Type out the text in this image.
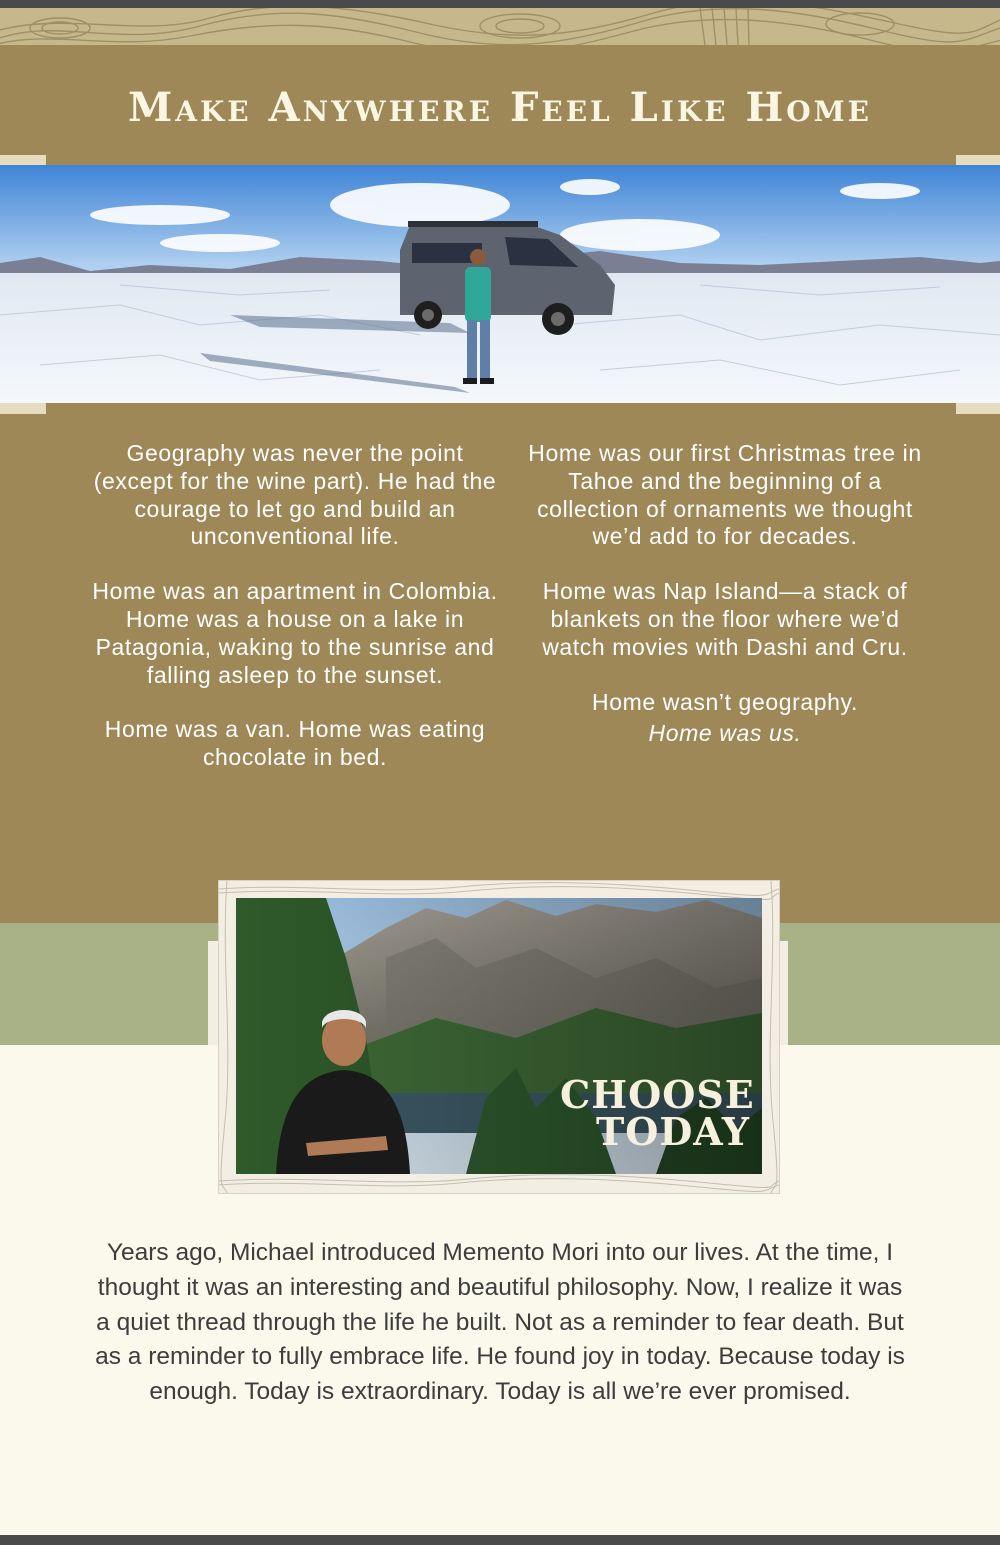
Make Anywhere Feel Like Home

Geography was never the point (except for the wine part). He had the courage to let go and build an unconventional life.

Home was an apartment in Colombia. Home was a house on a lake in Patagonia, waking to the sunrise and falling asleep to the sunset.

Home was a van. Home was eating chocolate in bed.

Home was our first Christmas tree in Tahoe and the beginning of a collection of ornaments we thought we’d add to for decades.

Home was Nap Island—a stack of blankets on the floor where we’d watch movies with Dashi and Cru.

Home wasn’t geography.
Home was us.

CHOOSE
TODAY

Years ago, Michael introduced Memento Mori into our lives. At the time, I thought it was an interesting and beautiful philosophy. Now, I realize it was a quiet thread through the life he built. Not as a reminder to fear death. But as a reminder to fully embrace life. He found joy in today. Because today is enough. Today is extraordinary. Today is all we’re ever promised.
